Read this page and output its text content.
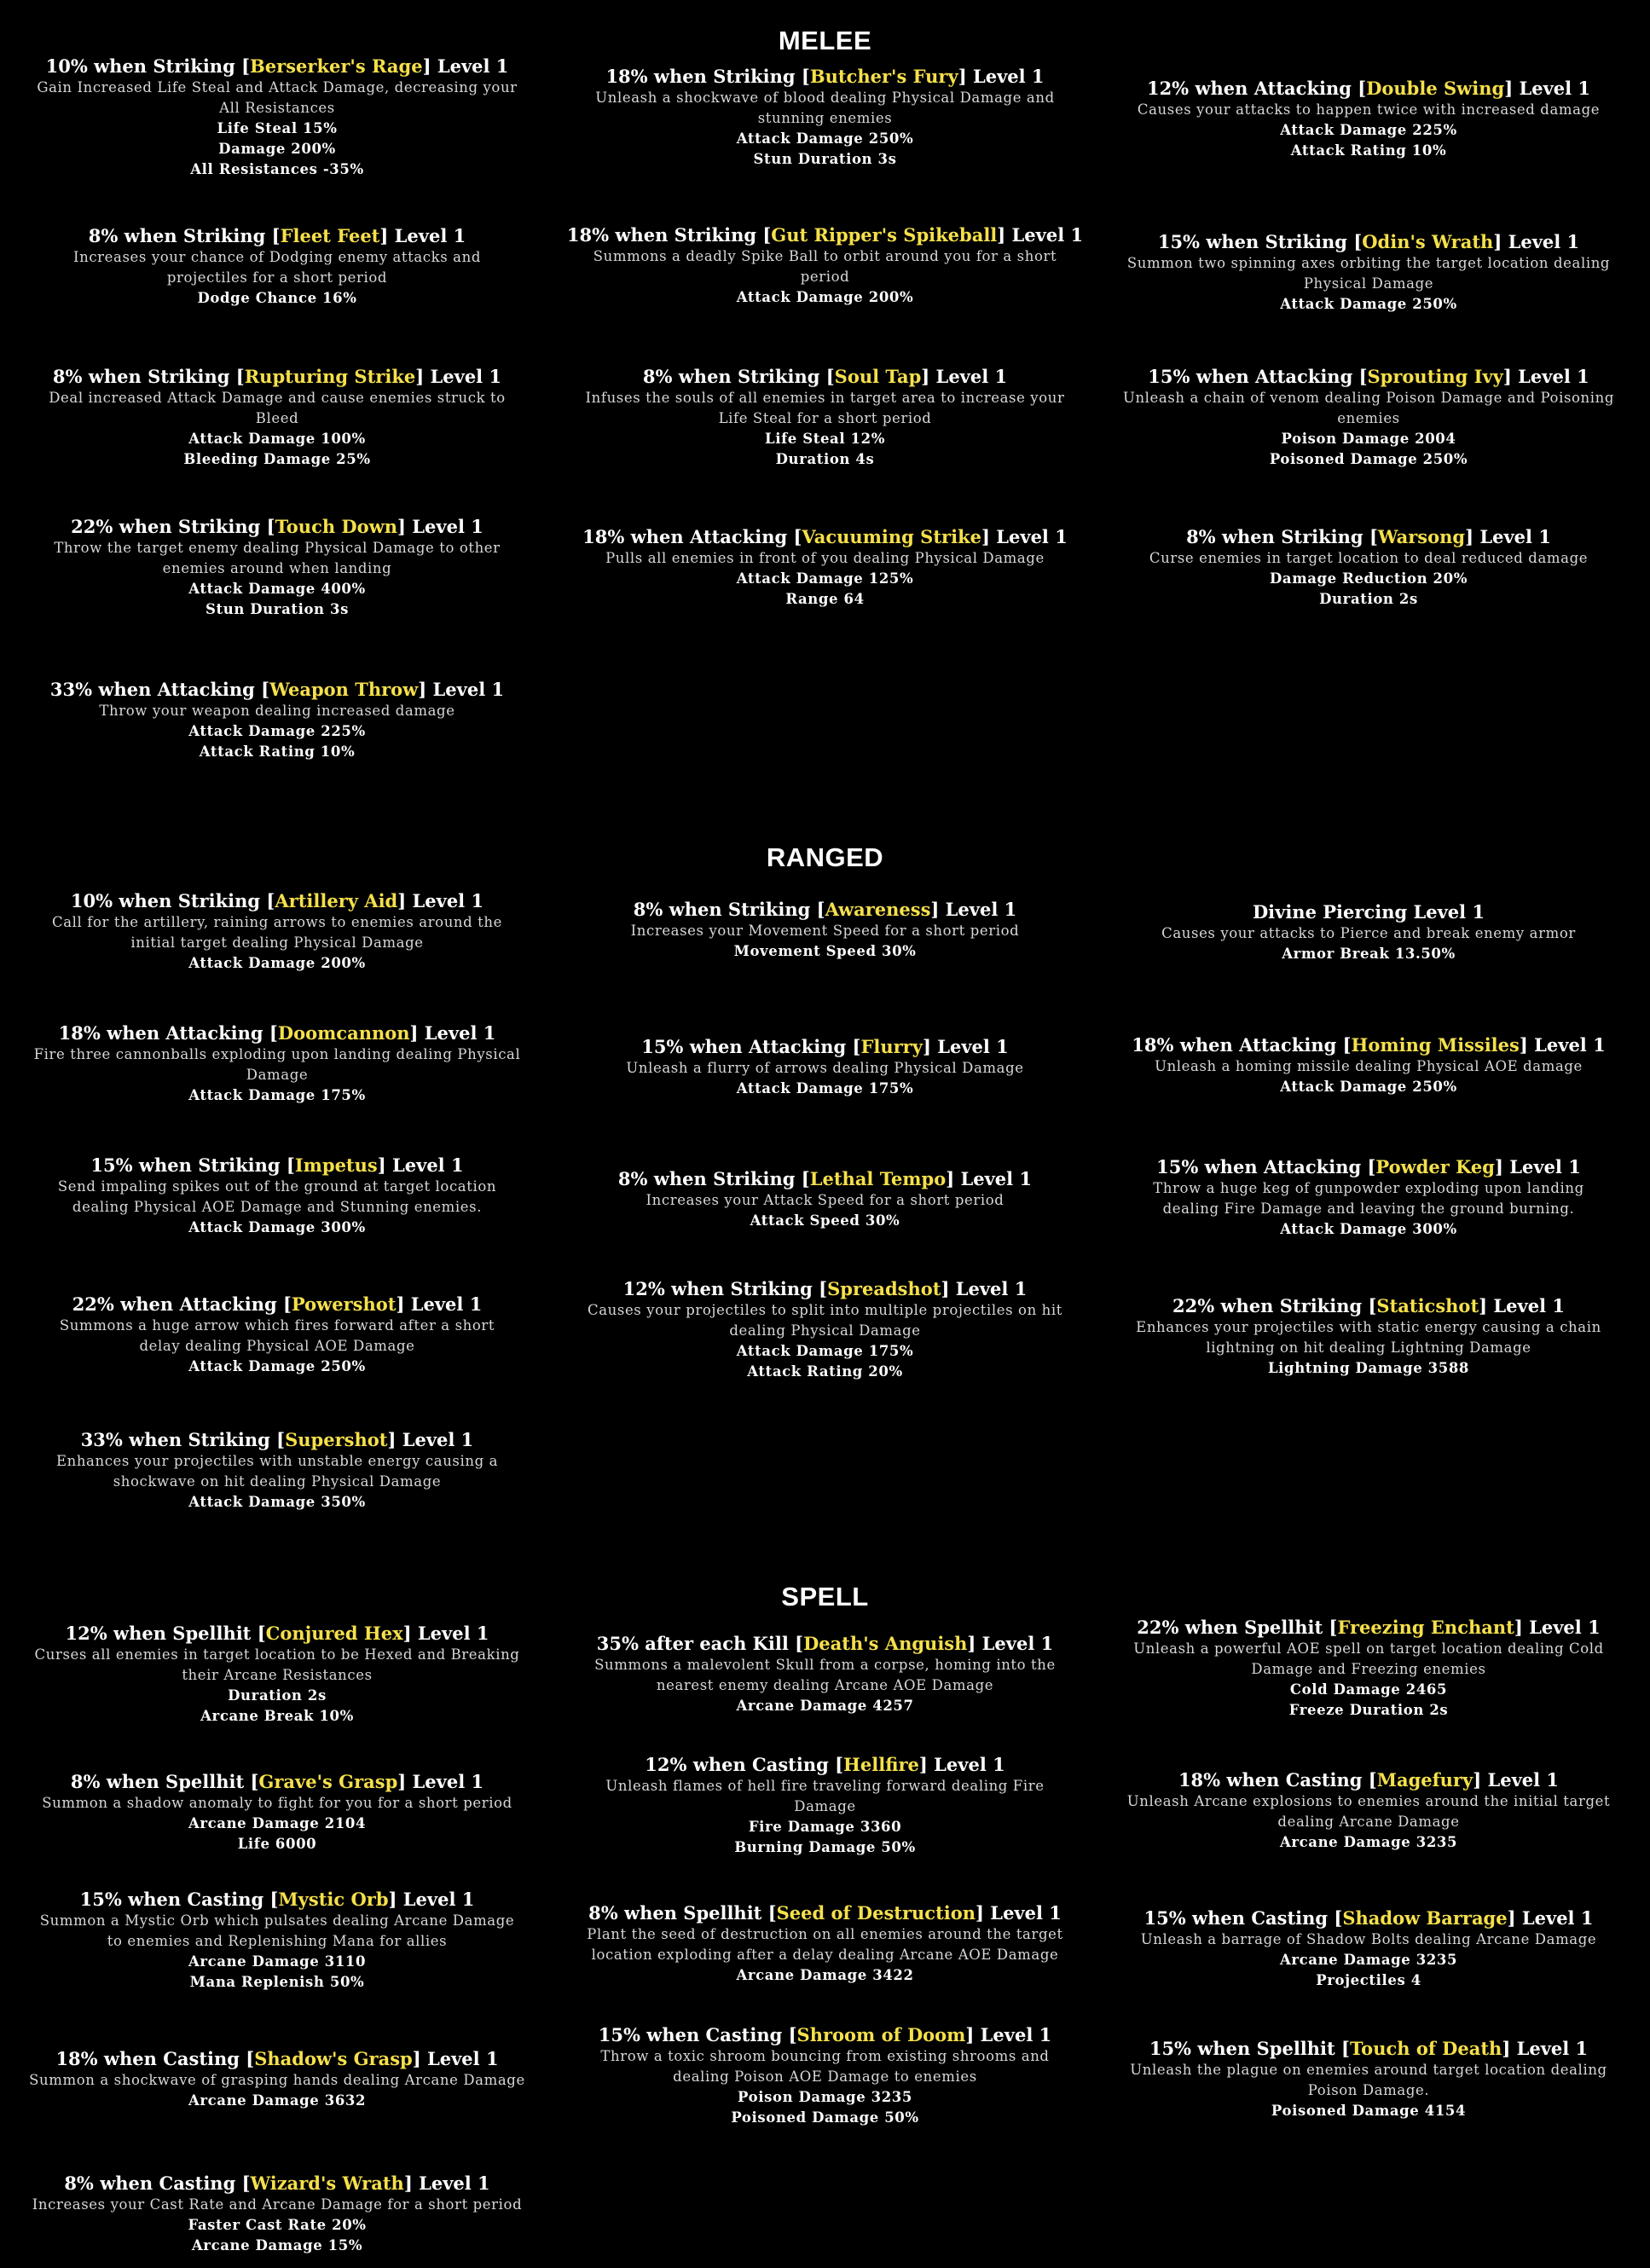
MELEE
10% when Striking [Berserker's Rage] Level 1
Gain Increased Life Steal and Attack Damage, decreasing your
All Resistances
Life Steal 15%
Damage 200%
All Resistances -35%
18% when Striking [Butcher's Fury] Level 1
Unleash a shockwave of blood dealing Physical Damage and
stunning enemies
Attack Damage 250%
Stun Duration 3s
12% when Attacking [Double Swing] Level 1
Causes your attacks to happen twice with increased damage
Attack Damage 225%
Attack Rating 10%
8% when Striking [Fleet Feet] Level 1
Increases your chance of Dodging enemy attacks and
projectiles for a short period
Dodge Chance 16%
18% when Striking [Gut Ripper's Spikeball] Level 1
Summons a deadly Spike Ball to orbit around you for a short
period
Attack Damage 200%
15% when Striking [Odin's Wrath] Level 1
Summon two spinning axes orbiting the target location dealing
Physical Damage
Attack Damage 250%
8% when Striking [Rupturing Strike] Level 1
Deal increased Attack Damage and cause enemies struck to
Bleed
Attack Damage 100%
Bleeding Damage 25%
8% when Striking [Soul Tap] Level 1
Infuses the souls of all enemies in target area to increase your
Life Steal for a short period
Life Steal 12%
Duration 4s
15% when Attacking [Sprouting Ivy] Level 1
Unleash a chain of venom dealing Poison Damage and Poisoning
enemies
Poison Damage 2004
Poisoned Damage 250%
22% when Striking [Touch Down] Level 1
Throw the target enemy dealing Physical Damage to other
enemies around when landing
Attack Damage 400%
Stun Duration 3s
18% when Attacking [Vacuuming Strike] Level 1
Pulls all enemies in front of you dealing Physical Damage
Attack Damage 125%
Range 64
8% when Striking [Warsong] Level 1
Curse enemies in target location to deal reduced damage
Damage Reduction 20%
Duration 2s
33% when Attacking [Weapon Throw] Level 1
Throw your weapon dealing increased damage
Attack Damage 225%
Attack Rating 10%
RANGED
10% when Striking [Artillery Aid] Level 1
Call for the artillery, raining arrows to enemies around the
initial target dealing Physical Damage
Attack Damage 200%
8% when Striking [Awareness] Level 1
Increases your Movement Speed for a short period
Movement Speed 30%
Divine Piercing Level 1
Causes your attacks to Pierce and break enemy armor
Armor Break 13.50%
18% when Attacking [Doomcannon] Level 1
Fire three cannonballs exploding upon landing dealing Physical
Damage
Attack Damage 175%
15% when Attacking [Flurry] Level 1
Unleash a flurry of arrows dealing Physical Damage
Attack Damage 175%
18% when Attacking [Homing Missiles] Level 1
Unleash a homing missile dealing Physical AOE damage
Attack Damage 250%
15% when Striking [Impetus] Level 1
Send impaling spikes out of the ground at target location
dealing Physical AOE Damage and Stunning enemies.
Attack Damage 300%
8% when Striking [Lethal Tempo] Level 1
Increases your Attack Speed for a short period
Attack Speed 30%
15% when Attacking [Powder Keg] Level 1
Throw a huge keg of gunpowder exploding upon landing
dealing Fire Damage and leaving the ground burning.
Attack Damage 300%
22% when Attacking [Powershot] Level 1
Summons a huge arrow which fires forward after a short
delay dealing Physical AOE Damage
Attack Damage 250%
12% when Striking [Spreadshot] Level 1
Causes your projectiles to split into multiple projectiles on hit
dealing Physical Damage
Attack Damage 175%
Attack Rating 20%
22% when Striking [Staticshot] Level 1
Enhances your projectiles with static energy causing a chain
lightning on hit dealing Lightning Damage
Lightning Damage 3588
33% when Striking [Supershot] Level 1
Enhances your projectiles with unstable energy causing a
shockwave on hit dealing Physical Damage
Attack Damage 350%
SPELL
12% when Spellhit [Conjured Hex] Level 1
Curses all enemies in target location to be Hexed and Breaking
their Arcane Resistances
Duration 2s
Arcane Break 10%
35% after each Kill [Death's Anguish] Level 1
Summons a malevolent Skull from a corpse, homing into the
nearest enemy dealing Arcane AOE Damage
Arcane Damage 4257
22% when Spellhit [Freezing Enchant] Level 1
Unleash a powerful AOE spell on target location dealing Cold
Damage and Freezing enemies
Cold Damage 2465
Freeze Duration 2s
8% when Spellhit [Grave's Grasp] Level 1
Summon a shadow anomaly to fight for you for a short period
Arcane Damage 2104
Life 6000
12% when Casting [Hellfire] Level 1
Unleash flames of hell fire traveling forward dealing Fire
Damage
Fire Damage 3360
Burning Damage 50%
18% when Casting [Magefury] Level 1
Unleash Arcane explosions to enemies around the initial target
dealing Arcane Damage
Arcane Damage 3235
15% when Casting [Mystic Orb] Level 1
Summon a Mystic Orb which pulsates dealing Arcane Damage
to enemies and Replenishing Mana for allies
Arcane Damage 3110
Mana Replenish 50%
8% when Spellhit [Seed of Destruction] Level 1
Plant the seed of destruction on all enemies around the target
location exploding after a delay dealing Arcane AOE Damage
Arcane Damage 3422
15% when Casting [Shadow Barrage] Level 1
Unleash a barrage of Shadow Bolts dealing Arcane Damage
Arcane Damage 3235
Projectiles 4
18% when Casting [Shadow's Grasp] Level 1
Summon a shockwave of grasping hands dealing Arcane Damage
Arcane Damage 3632
15% when Casting [Shroom of Doom] Level 1
Throw a toxic shroom bouncing from existing shrooms and
dealing Poison AOE Damage to enemies
Poison Damage 3235
Poisoned Damage 50%
15% when Spellhit [Touch of Death] Level 1
Unleash the plague on enemies around target location dealing
Poison Damage.
Poisoned Damage 4154
8% when Casting [Wizard's Wrath] Level 1
Increases your Cast Rate and Arcane Damage for a short period
Faster Cast Rate 20%
Arcane Damage 15%
